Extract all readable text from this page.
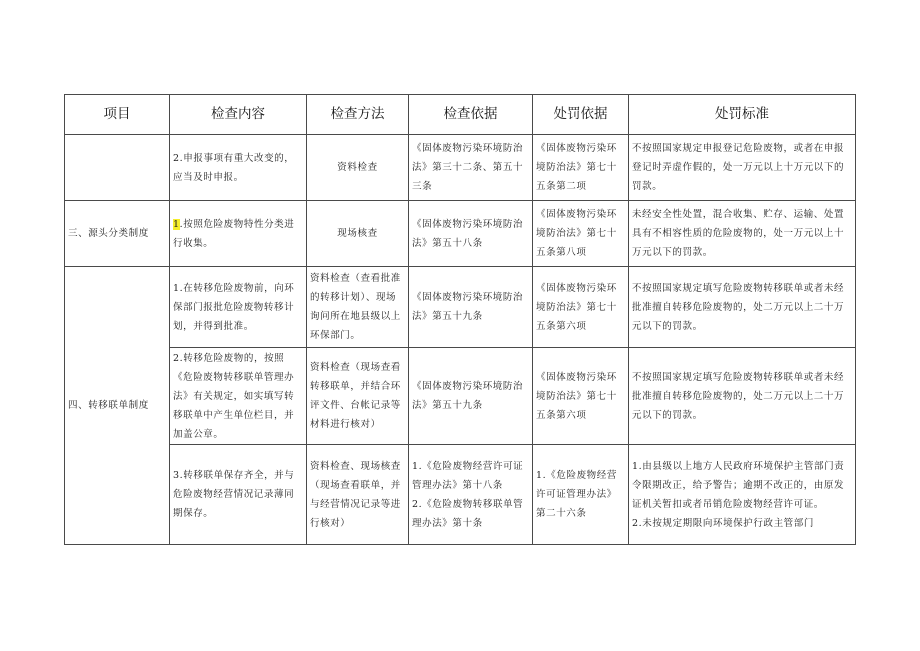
项目	检查内容	检查方法	检查依据	处罚依据	处罚标准

	2.申报事项有重大改变的，应当及时申报。	资料检查	《固体废物污染环境防治法》第三十二条、第五十三条	《固体废物污染环境防治法》第七十五条第二项	不按照国家规定申报登记危险废物，或者在申报登记时弄虚作假的，处一万元以上十万元以下的罚款。

三、源头分类制度	1.按照危险废物特性分类进行收集。	现场核查	《固体废物污染环境防治法》第五十八条	《固体废物污染环境防治法》第七十五条第八项	未经安全性处置，混合收集、贮存、运输、处置具有不相容性质的危险废物的，处一万元以上十万元以下的罚款。

四、转移联单制度	1.在转移危险废物前，向环保部门报批危险废物转移计划，并得到批准。	资料检查（查看批准的转移计划）、现场询问所在地县级以上环保部门。	《固体废物污染环境防治法》第五十九条	《固体废物污染环境防治法》第七十五条第六项	不按照国家规定填写危险废物转移联单或者未经批准擅自转移危险废物的，处二万元以上二十万元以下的罚款。

	2.转移危险废物的，按照《危险废物转移联单管理办法》有关规定，如实填写转移联单中产生单位栏目，并加盖公章。	资料检查（现场查看转移联单，并结合环评文件、台帐记录等材料进行核对）	《固体废物污染环境防治法》第五十九条	《固体废物污染环境防治法》第七十五条第六项	不按照国家规定填写危险废物转移联单或者未经批准擅自转移危险废物的，处二万元以上二十万元以下的罚款。

	3.转移联单保存齐全，并与危险废物经营情况记录薄同期保存。	资料检查、现场核查（现场查看联单，并与经营情况记录等进行核对）	1.《危险废物经营许可证管理办法》第十八条
2.《危险废物转移联单管理办法》第十条	1.《危险废物经营许可证管理办法》第二十六条	1.由县级以上地方人民政府环境保护主管部门责令限期改正，给予警告；逾期不改正的，由原发证机关暂扣或者吊销危险废物经营许可证。
2.未按规定期限向环境保护行政主管部门
